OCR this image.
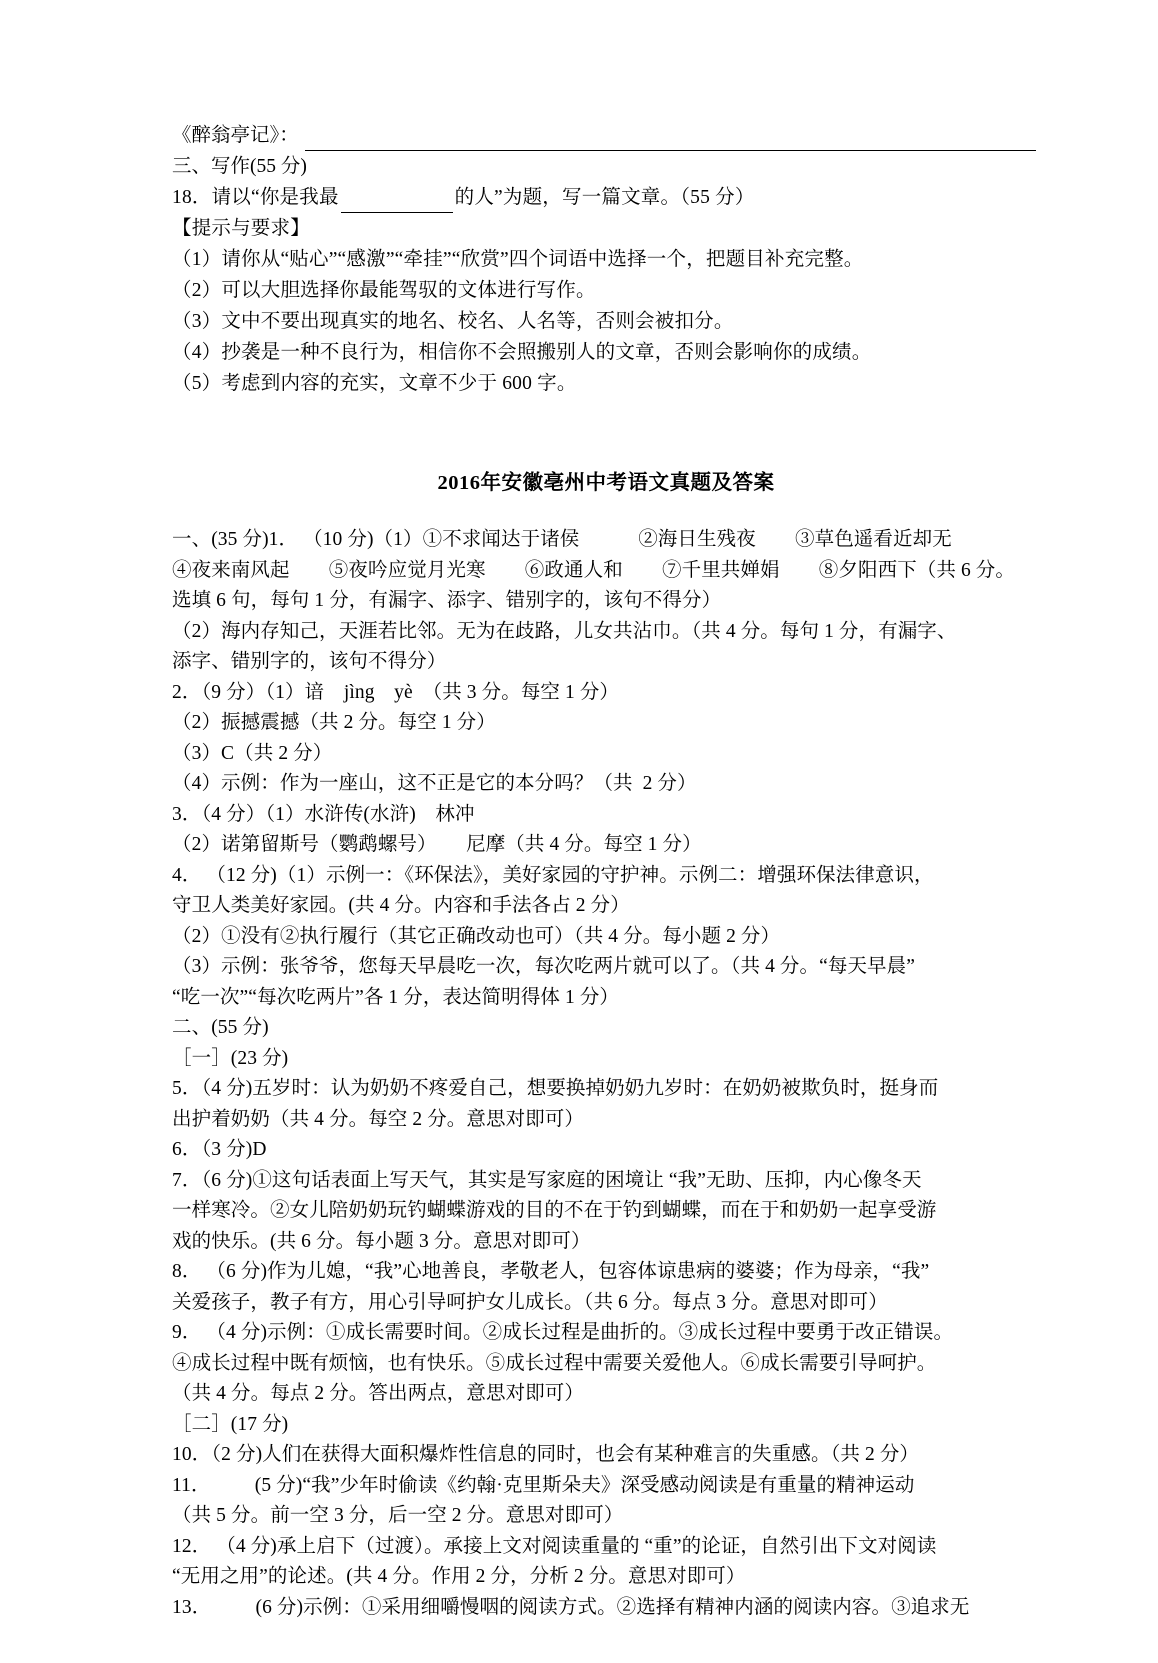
《醉翁亭记》：
三、写作(55 分)
18．请以“你是我最	的人”为题，写一篇文章。（55 分）
【提示与要求】
（1）请你从“贴心”“感激”“牵挂”“欣赏”四个词语中选择一个，把题目补充完整。
（2）可以大胆选择你最能驾驭的文体进行写作。
（3）文中不要出现真实的地名、校名、人名等，否则会被扣分。
（4）抄袭是一种不良行为，相信你不会照搬别人的文章，否则会影响你的成绩。
（5）考虑到内容的充实，文章不少于 600 字。
2016年安徽亳州中考语文真题及答案
一、(35 分)1． （10 分)（1）①不求闻达于诸侯　　　②海日生残夜　　③草色遥看近却无
④夜来南风起　　⑤夜吟应觉月光寒　　⑥政通人和　　⑦千里共婵娟　　⑧夕阳西下（共 6 分。
选填 6 句，每句 1 分，有漏字、添字、错别字的，该句不得分）
（2）海内存知己，天涯若比邻。无为在歧路，儿女共沾巾。（共 4 分。每句 1 分，有漏字、
添字、错别字的，该句不得分）
2．（9 分）（1）谙　jìng　yè　（共 3 分。每空 1 分）
（2）振撼震撼（共 2 分。每空 1 分）
（3）C（共 2 分）
（4）示例：作为一座山，这不正是它的本分吗？（共  2 分）
3．（4 分）（1）水浒传(水浒)　林冲
（2）诺第留斯号（鹦鹉螺号）　　尼摩（共 4 分。每空 1 分）
4． （12 分)（1）示例一：《环保法》，美好家园的守护神。示例二：增强环保法律意识，
守卫人类美好家园。(共 4 分。内容和手法各占 2 分）
（2）①没有②执行履行（其它正确改动也可）（共 4 分。每小题 2 分）
（3）示例：张爷爷，您每天早晨吃一次，每次吃两片就可以了。（共 4 分。“每天早晨”
“吃一次”“每次吃两片”各 1 分，表达简明得体 1 分）
二、(55 分)
［一］(23 分)
5．（4 分)五岁时：认为奶奶不疼爱自己，想要换掉奶奶九岁时：在奶奶被欺负时，挺身而
出护着奶奶（共 4 分。每空 2 分。意思对即可）
6．（3 分)D
7．（6 分)①这句话表面上写天气，其实是写家庭的困境让 “我”无助、压抑，内心像冬天
一样寒冷。②女儿陪奶奶玩钓蝴蝶游戏的目的不在于钓到蝴蝶，而在于和奶奶一起享受游
戏的快乐。(共 6 分。每小题 3 分。意思对即可）
8． （6 分)作为儿媳，“我”心地善良，孝敬老人，包容体谅患病的婆婆；作为母亲，“我”
关爱孩子，教子有方，用心引导呵护女儿成长。（共 6 分。每点 3 分。意思对即可）
9． （4 分)示例：①成长需要时间。②成长过程是曲折的。③成长过程中要勇于改正错误。
④成长过程中既有烦恼，也有快乐。⑤成长过程中需要关爱他人。⑥成长需要引导呵护。
（共 4 分。每点 2 分。答出两点，意思对即可）
［二］(17 分)
10．（2 分)人们在获得大面积爆炸性信息的同时，也会有某种难言的失重感。（共 2 分）
11． 　　(5 分)“我”少年时偷读《约翰·克里斯朵夫》深受感动阅读是有重量的精神运动
（共 5 分。前一空 3 分，后一空 2 分。意思对即可）
12． （4 分)承上启下（过渡）。承接上文对阅读重量的 “重”的论证，自然引出下文对阅读
“无用之用”的论述。(共 4 分。作用 2 分，分析 2 分。意思对即可）
13． 　　(6 分)示例：①采用细嚼慢咽的阅读方式。②选择有精神内涵的阅读内容。③追求无
